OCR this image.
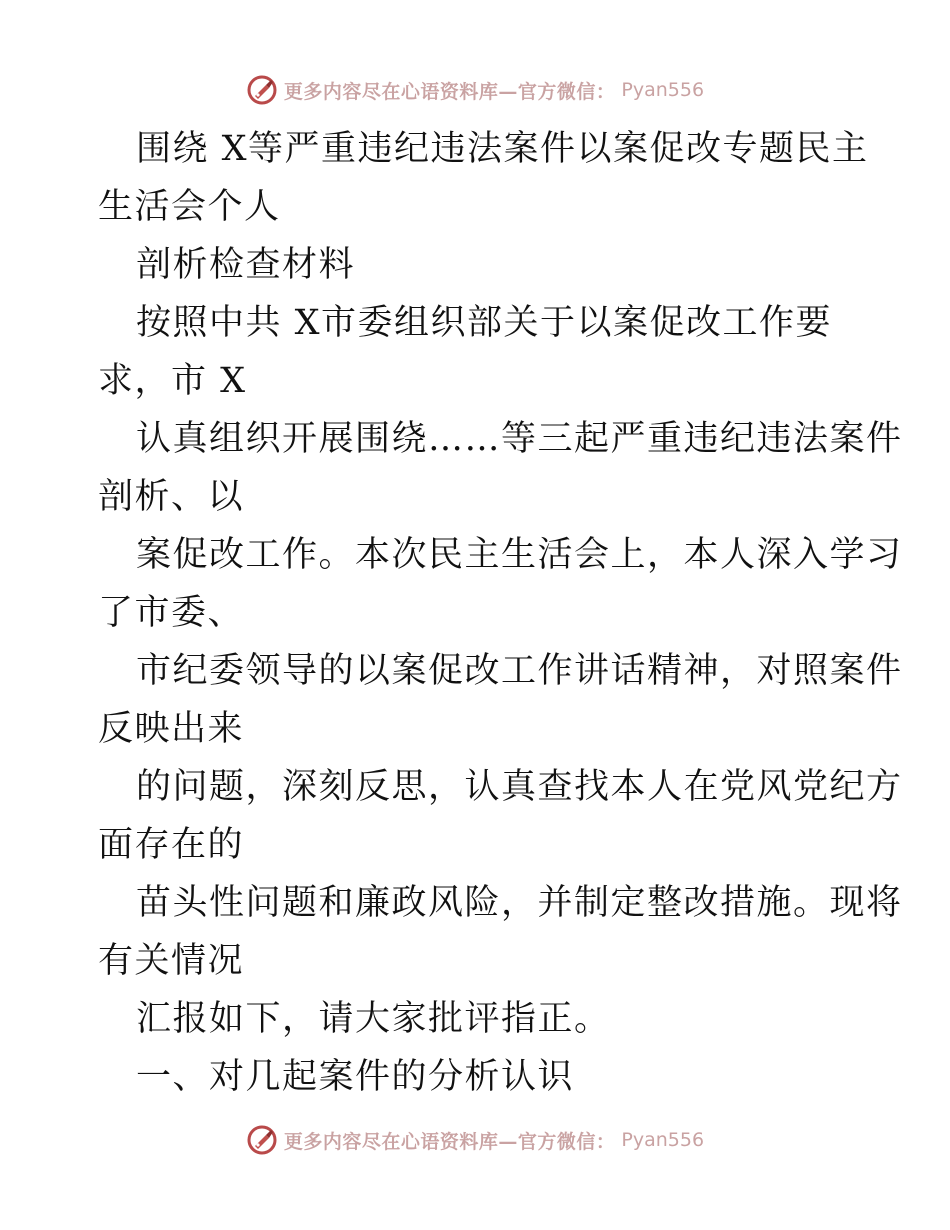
更多内容尽在心语资料库—官方微信： Pyan556
围绕 X等严重违纪违法案件以案促改专题民主
生活会个人
剖析检查材料
按照中共 X市委组织部关于以案促改工作要
求，市 X
认真组织开展围绕……等三起严重违纪违法案件
剖析、以
案促改工作。本次民主生活会上，本人深入学习
了市委、
市纪委领导的以案促改工作讲话精神，对照案件
反映出来
的问题，深刻反思，认真查找本人在党风党纪方
面存在的
苗头性问题和廉政风险，并制定整改措施。现将
有关情况
汇报如下，请大家批评指正。
一、对几起案件的分析认识
更多内容尽在心语资料库—官方微信： Pyan556
